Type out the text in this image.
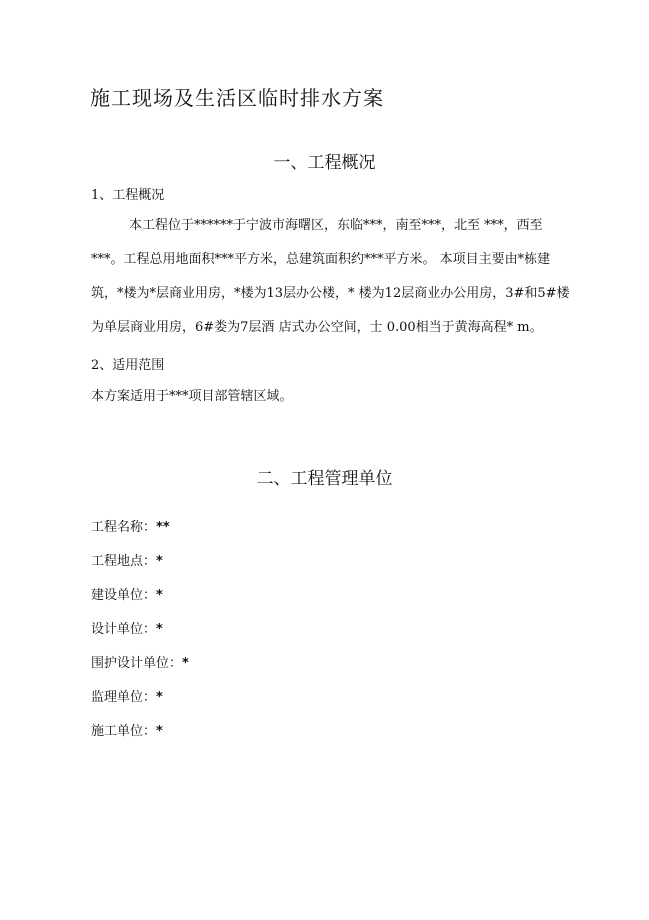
施工现场及生活区临时排水方案
一、工程概况
1、工程概况
本工程位于******于宁波市海曙区，东临***，南至***，北至 ***，西至
***。工程总用地面积***平方米，总建筑面积约***平方米。 本项目主要由*栋建
筑，*楼为*层商业用房，*楼为13层办公楼，* 楼为12层商业办公用房，3#和5#楼
为单层商业用房，6#娄为7层酒 店式办公空间，士 0.00相当于黄海高程* m。
2、适用范围
本方案适用于***项目部管辖区域。
二、工程管理单位
工程名称：**
工程地点：*
建设单位：*
设计单位：*
围护设计单位：*
监理单位：*
施工单位：*
